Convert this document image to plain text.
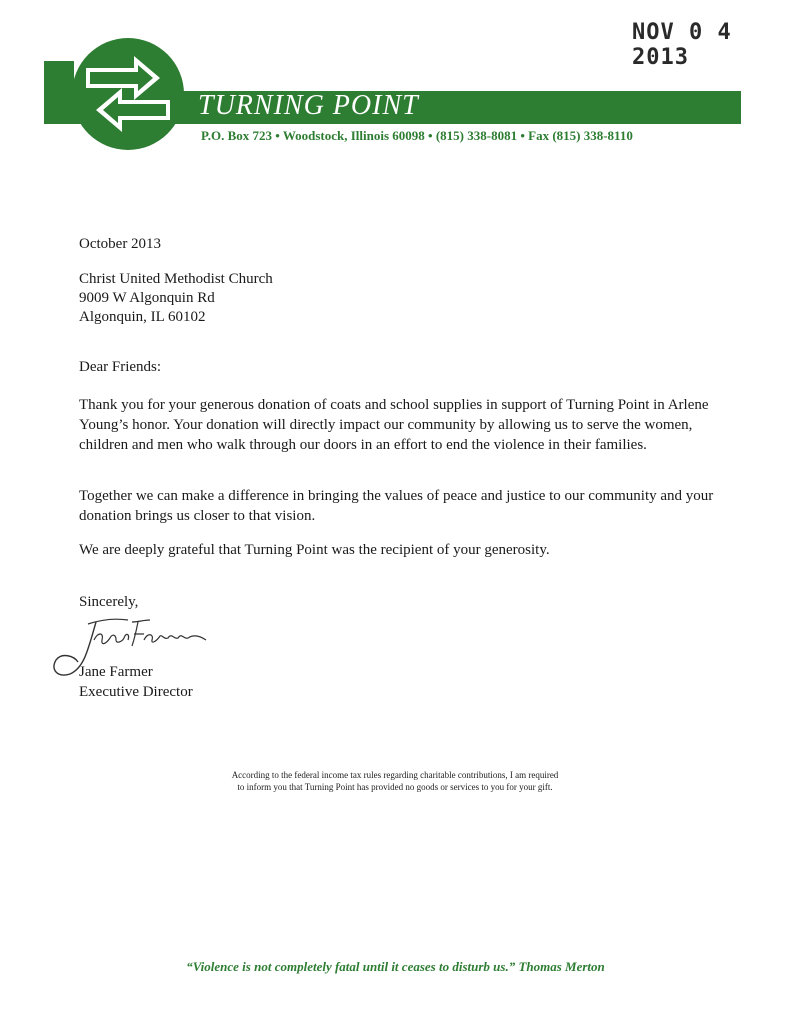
NOV 0 4 2013
TURNING POINT
P.O. Box 723 • Woodstock, Illinois 60098 • (815) 338-8081 • Fax (815) 338-8110
October 2013
Christ United Methodist Church
9009 W Algonquin Rd
Algonquin, IL 60102
Dear Friends:
Thank you for your generous donation of coats and school supplies in support of Turning Point in Arlene Young’s honor. Your donation will directly impact our community by allowing us to serve the women, children and men who walk through our doors in an effort to end the violence in their families.
Together we can make a difference in bringing the values of peace and justice to our community and your donation brings us closer to that vision.
We are deeply grateful that Turning Point was the recipient of your generosity.
Sincerely,
Jane Farmer
Executive Director
According to the federal income tax rules regarding charitable contributions, I am required
to inform you that Turning Point has provided no goods or services to you for your gift.
“Violence is not completely fatal until it ceases to disturb us.” Thomas Merton
